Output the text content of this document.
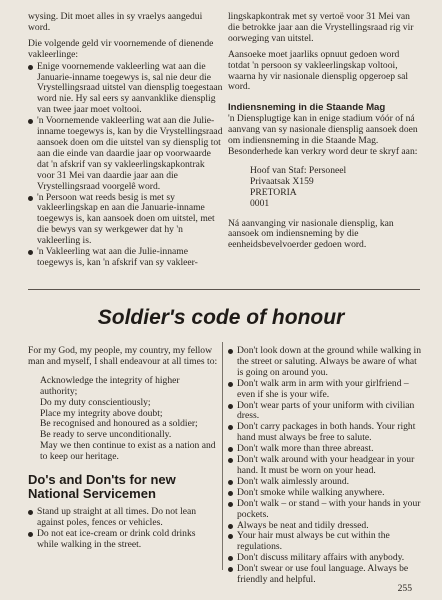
wysing. Dit moet alles in sy vraelys aangedui word.

Die volgende geld vir voornemende of dienende vakleerlinge:

Enige voornemende vakleerling wat aan die Januarie-inname toegewys is, sal nie deur die Vrystellingsraad uitstel van diensplig toegestaan word nie. Hy sal eers sy aanvanklike diensplig van twee jaar moet voltooi.
'n Voornemende vakleerling wat aan die Julie-inname toegewys is, kan by die Vrystellingsraad aansoek doen om die uitstel van sy diensplig tot aan die einde van daardie jaar op voorwaarde dat 'n afskrif van sy vakleerlingskapkontrak voor 31 Mei van daardie jaar aan die Vrystellingsraad voorgelê word.
'n Persoon wat reeds besig is met sy vakleerlingskap en aan die Januarie-inname toegewys is, kan aansoek doen om uitstel, met die bewys van sy werkgewer dat hy 'n vakleerling is.
'n Vakleerling wat aan die Julie-inname toegewys is, kan 'n afskrif van sy vakleer-

lingskapkontrak met sy vertoë voor 31 Mei van die betrokke jaar aan die Vrystellingsraad rig vir oorweging van uitstel.

Aansoeke moet jaarliks opnuut gedoen word totdat 'n persoon sy vakleerlingskap voltooi, waarna hy vir nasionale diensplig opgeroep sal word.

Indiensneming in die Staande Mag

'n Diensplugtige kan in enige stadium vóór of ná aanvang van sy nasionale diensplig aansoek doen om indiensneming in die Staande Mag. Besonderhede kan verkry word deur te skryf aan:

Hoof van Staf: Personeel
Privaatsak X159
PRETORIA
0001

Ná aanvanging vir nasionale diensplig, kan aansoek om indiensneming by die eenheidsbevelvoerder gedoen word.

Soldier's code of honour

For my God, my people, my country, my fellow man and myself, I shall endeavour at all times to:

Acknowledge the integrity of higher authority;
Do my duty conscientiously;
Place my integrity above doubt;
Be recognised and honoured as a soldier;
Be ready to serve unconditionally.
May we then continue to exist as a nation and to keep our heritage.
Do's and Don'ts for new National Servicemen
Stand up straight at all times. Do not lean against poles, fences or vehicles.
Do not eat ice-cream or drink cold drinks while walking in the street.
Don't look down at the ground while walking in the street or saluting. Always be aware of what is going on around you.
Don't walk arm in arm with your girlfriend – even if she is your wife.
Don't wear parts of your uniform with civilian dress.
Don't carry packages in both hands. Your right hand must always be free to salute.
Don't walk more than three abreast.
Don't walk around with your headgear in your hand. It must be worn on your head.
Don't walk aimlessly around.
Don't smoke while walking anywhere.
Don't walk – or stand – with your hands in your pockets.
Always be neat and tidily dressed.
Your hair must always be cut within the regulations.
Don't discuss military affairs with anybody.
Don't swear or use foul language. Always be friendly and helpful.
255
